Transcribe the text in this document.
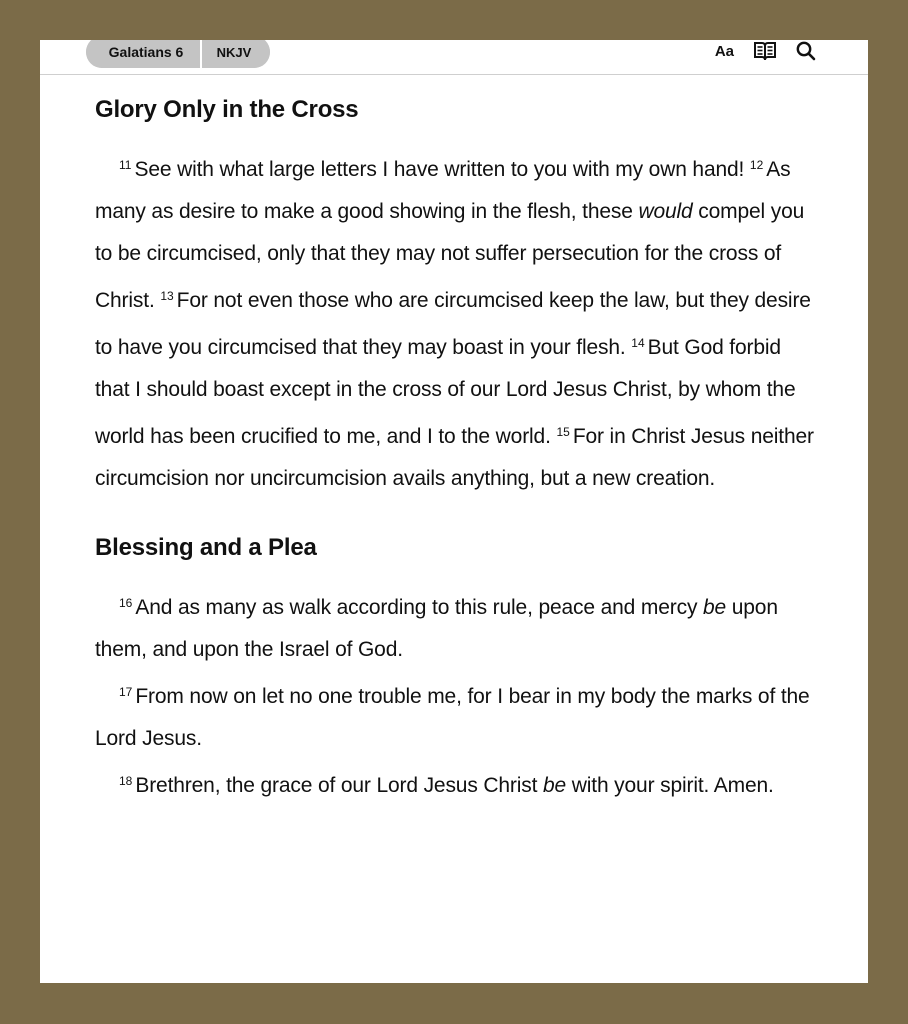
Galatians 6	NKJV	Aa
Glory Only in the Cross

$^{11}$ See with what large letters I have written to you with my own hand! $^{12}$ As many as desire to make a good showing in the flesh, these would compel you to be circumcised, only that they may not suffer persecution for the cross of Christ. $^{13}$ For not even those who are circumcised keep the law, but they desire to have you circumcised that they may boast in your flesh. $^{14}$ But God forbid that I should boast except in the cross of our Lord Jesus Christ, by whom the world has been crucified to me, and I to the world. $^{15}$ For in Christ Jesus neither circumcision nor uncircumcision avails anything, but a new creation.

Blessing and a Plea

$^{16}$ And as many as walk according to this rule, peace and mercy be upon them, and upon the Israel of God.

$^{17}$ From now on let no one trouble me, for I bear in my body the marks of the Lord Jesus.

$^{18}$ Brethren, the grace of our Lord Jesus Christ be with your spirit. Amen.
